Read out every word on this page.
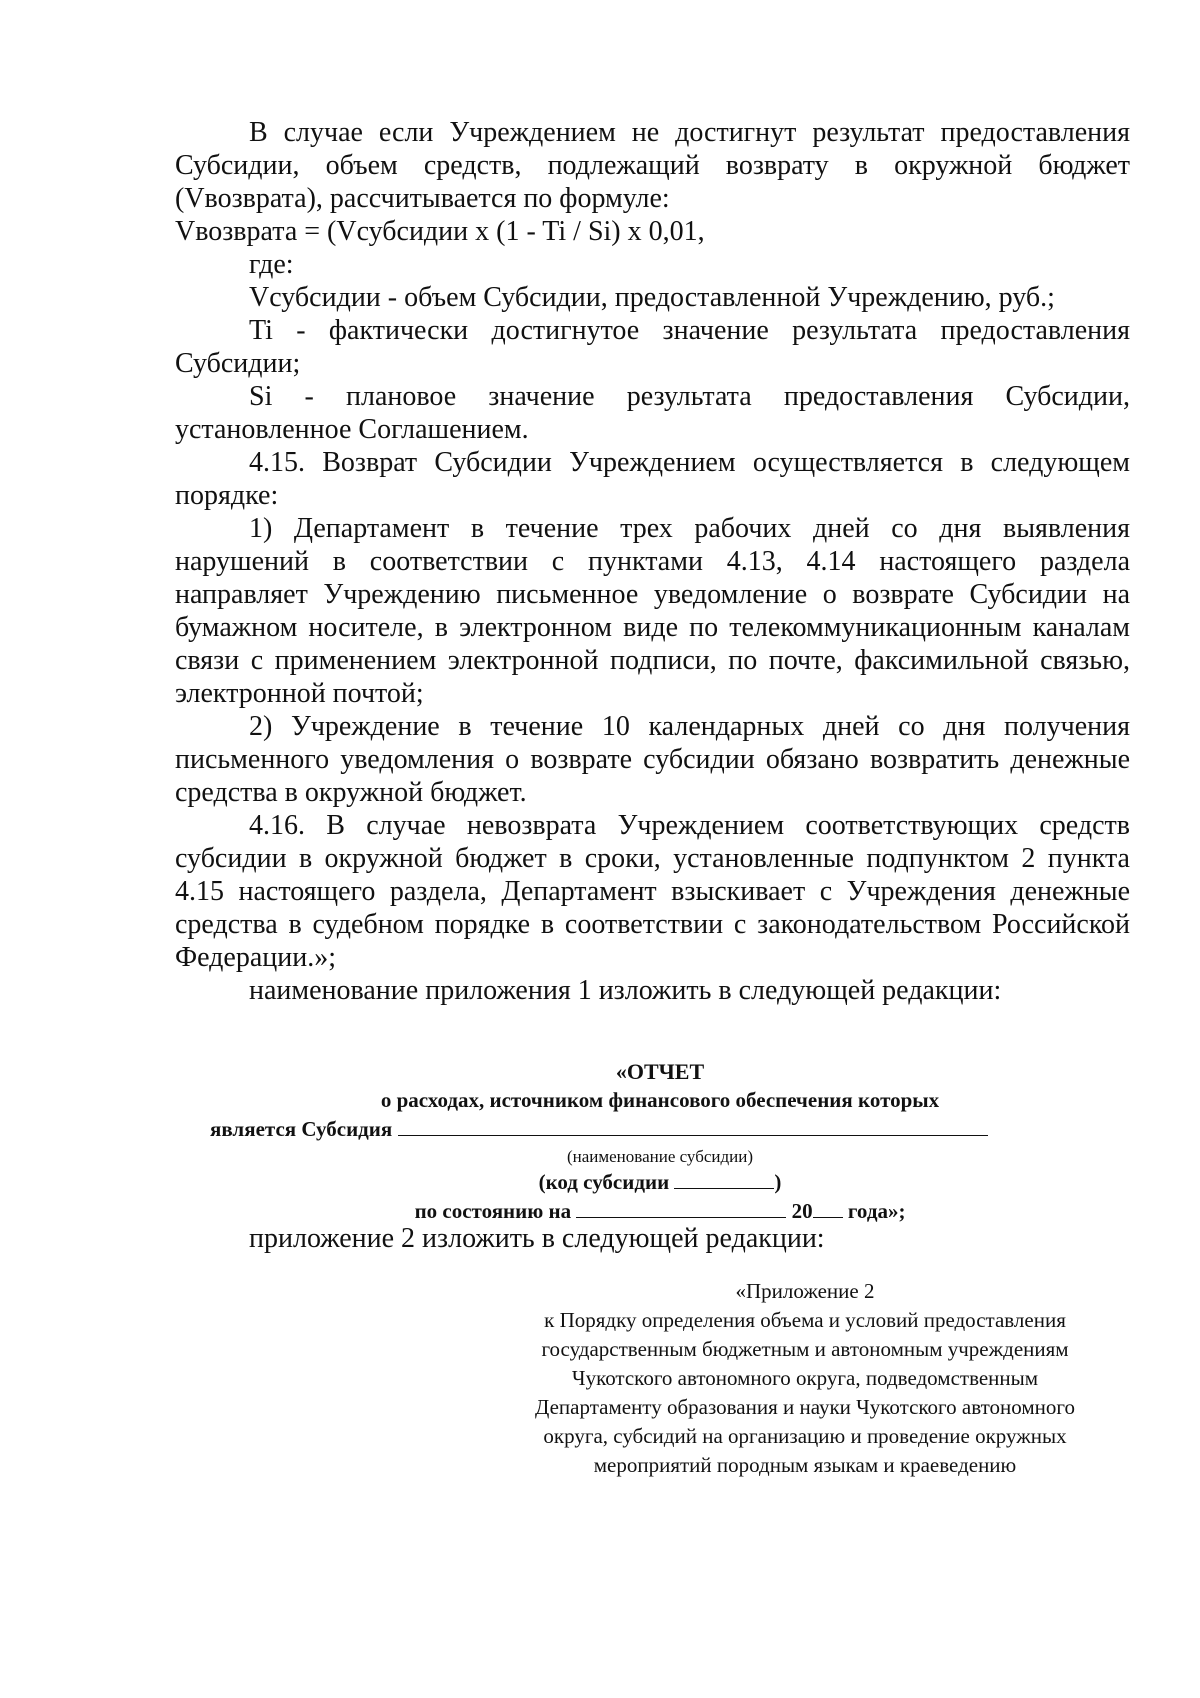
В случае если Учреждением не достигнут результат предоставления Субсидии, объем средств, подлежащий возврату в окружной бюджет (Vвозврата), рассчитывается по формуле:

Vвозврата = (Vсубсидии x (1 - Ti / Si) x 0,01,

где:

Vсубсидии - объем Субсидии, предоставленной Учреждению, руб.;

Ti - фактически достигнутое значение результата предоставления Субсидии;

Si - плановое значение результата предоставления Субсидии, установленное Соглашением.

4.15. Возврат Субсидии Учреждением осуществляется в следующем порядке:

1) Департамент в течение трех рабочих дней со дня выявления нарушений в соответствии с пунктами 4.13, 4.14 настоящего раздела направляет Учреждению письменное уведомление о возврате Субсидии на бумажном носителе, в электронном виде по телекоммуникационным каналам связи с применением электронной подписи, по почте, факсимильной связью, электронной почтой;

2) Учреждение в течение 10 календарных дней со дня получения письменного уведомления о возврате субсидии обязано возвратить денежные средства в окружной бюджет.

4.16. В случае невозврата Учреждением соответствующих средств субсидии в окружной бюджет в сроки, установленные подпунктом 2 пункта 4.15 настоящего раздела, Департамент взыскивает с Учреждения денежные средства в судебном порядке в соответствии с законодательством Российской Федерации.»;

наименование приложения 1 изложить в следующей редакции:

«ОТЧЕТ
о расходах, источником финансового обеспечения которых
является Субсидия
(наименование субсидии)
(код субсидии	)
по состоянию на	20 года»;
приложение 2 изложить в следующей редакции:
«Приложение 2
к Порядку определения объема и условий предоставления
государственным бюджетным и автономным учреждениям
Чукотского автономного округа, подведомственным
Департаменту образования и науки Чукотского автономного
округа, субсидий на организацию и проведение окружных
мероприятий породным языкам и краеведению
